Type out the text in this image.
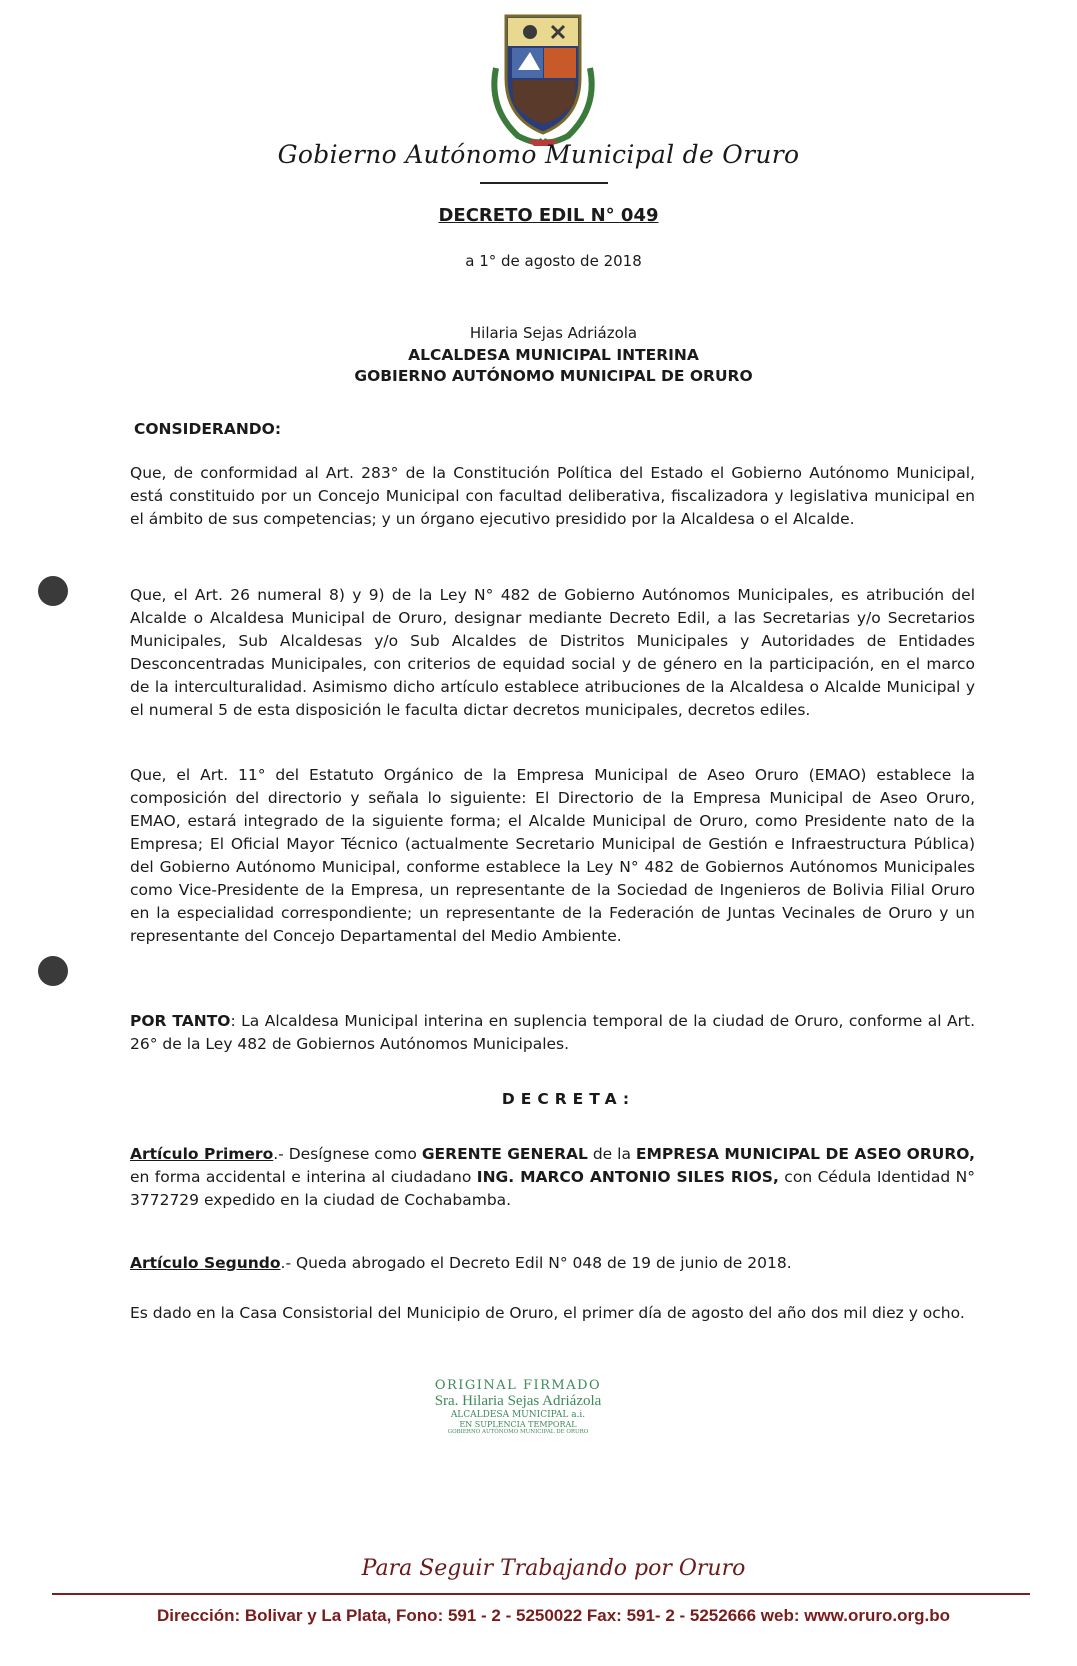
Gobierno Autónomo Municipal de Oruro
DECRETO EDIL N° 049
a 1° de agosto de 2018
Hilaria Sejas Adriázola
ALCALDESA MUNICIPAL INTERINA
GOBIERNO AUTÓNOMO MUNICIPAL DE ORURO
CONSIDERANDO:
Que, de conformidad al Art. 283° de la Constitución Política del Estado el Gobierno Autónomo Municipal, está constituido por un Concejo Municipal con facultad deliberativa, fiscalizadora y legislativa municipal en el ámbito de sus competencias; y un órgano ejecutivo presidido por la Alcaldesa o el Alcalde.
Que, el Art. 26 numeral 8) y 9) de la Ley N° 482 de Gobierno Autónomos Municipales, es atribución del Alcalde o Alcaldesa Municipal de Oruro, designar mediante Decreto Edil, a las Secretarias y/o Secretarios Municipales, Sub Alcaldesas y/o Sub Alcaldes de Distritos Municipales y Autoridades de Entidades Desconcentradas Municipales, con criterios de equidad social y de género en la participación, en el marco de la interculturalidad. Asimismo dicho artículo establece atribuciones de la Alcaldesa o Alcalde Municipal y el numeral 5 de esta disposición le faculta dictar decretos municipales, decretos ediles.
Que, el Art. 11° del Estatuto Orgánico de la Empresa Municipal de Aseo Oruro (EMAO) establece la composición del directorio y señala lo siguiente: El Directorio de la Empresa Municipal de Aseo Oruro, EMAO, estará integrado de la siguiente forma; el Alcalde Municipal de Oruro, como Presidente nato de la Empresa; El Oficial Mayor Técnico (actualmente Secretario Municipal de Gestión e Infraestructura Pública) del Gobierno Autónomo Municipal, conforme establece la Ley N° 482 de Gobiernos Autónomos Municipales como Vice-Presidente de la Empresa, un representante de la Sociedad de Ingenieros de Bolivia Filial Oruro en la especialidad correspondiente; un representante de la Federación de Juntas Vecinales de Oruro y un representante del Concejo Departamental del Medio Ambiente.
POR TANTO: La Alcaldesa Municipal interina en suplencia temporal de la ciudad de Oruro, conforme al Art. 26° de la Ley 482 de Gobiernos Autónomos Municipales.
DECRETA:
Artículo Primero.- Desígnese como GERENTE GENERAL de la EMPRESA MUNICIPAL DE ASEO ORURO, en forma accidental e interina al ciudadano ING. MARCO ANTONIO SILES RIOS, con Cédula Identidad N° 3772729 expedido en la ciudad de Cochabamba.
Artículo Segundo.- Queda abrogado el Decreto Edil N° 048 de 19 de junio de 2018.
Es dado en la Casa Consistorial del Municipio de Oruro, el primer día de agosto del año dos mil diez y ocho.
ORIGINAL FIRMADO
Sra. Hilaria Sejas Adriázola
ALCALDESA MUNICIPAL a.i.
EN SUPLENCIA TEMPORAL
GOBIERNO AUTÓNOMO MUNICIPAL DE ORURO
Para Seguir Trabajando por Oruro
Dirección: Bolivar y La Plata, Fono: 591 - 2 - 5250022 Fax: 591- 2 - 5252666 web: www.oruro.org.bo
